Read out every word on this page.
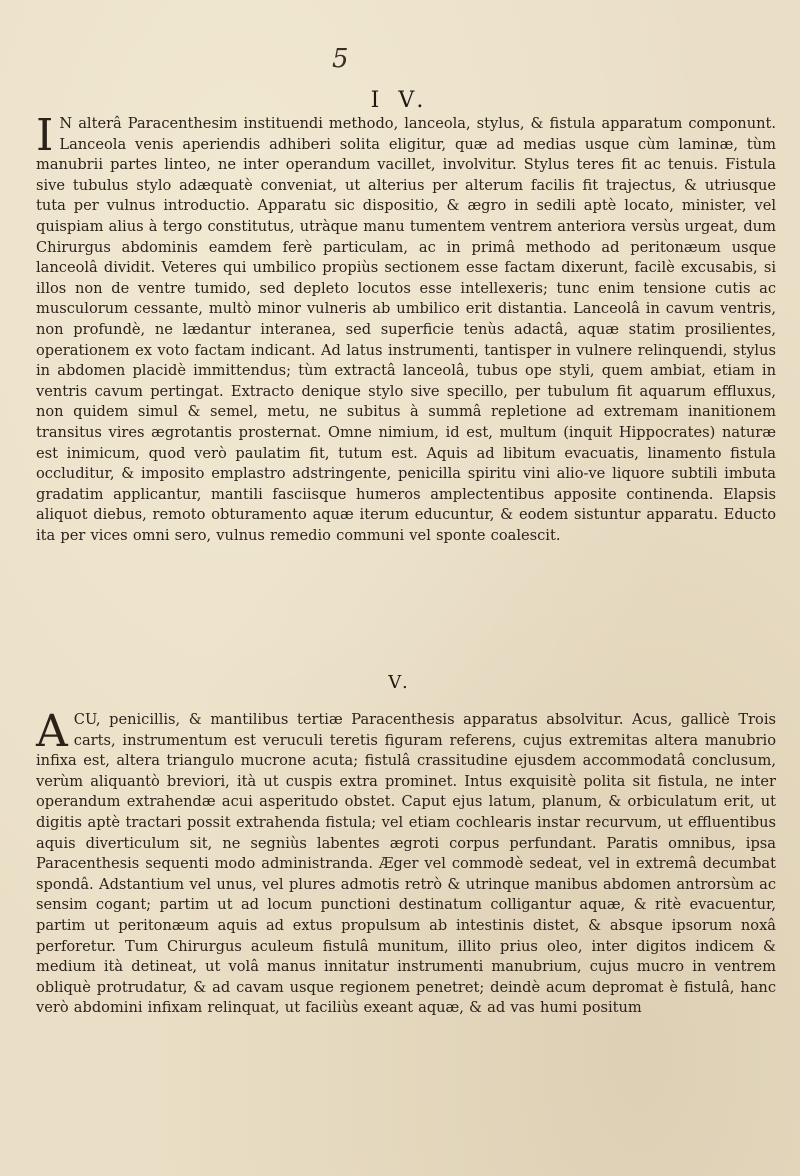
5
I V.
I N alterâ Paracenthesim instituendi methodo, lanceola, stylus, & fistula apparatum componunt. Lanceola venis aperiendis adhiberi solita eligitur, quæ ad medias usque cùm laminæ, tùm manubrii partes linteo, ne inter operandum vacillet, involvitur. Stylus teres fit ac tenuis. Fistula sive tubulus stylo adæquatè conveniat, ut alterius per alterum facilis fit trajectus, & utriusque tuta per vulnus introductio. Apparatu sic dispositio, & ægro in sedili aptè locato, minister, vel quispiam alius à tergo constitutus, utràque manu tumentem ventrem anteriora versùs urgeat, dum Chirurgus abdominis eamdem ferè particulam, ac in primâ methodo ad peritonæum usque lanceolâ dividit. Veteres qui umbilico propiùs sectionem esse factam dixerunt, facilè excusabis, si illos non de ventre tumido, sed depleto locutos esse intellexeris; tunc enim tensione cutis ac musculorum cessante, multò minor vulneris ab umbilico erit distantia. Lanceolâ in cavum ventris, non profundè, ne lædantur interanea, sed superficie tenùs adactâ, aquæ statim prosilientes, operationem ex voto factam indicant. Ad latus instrumenti, tantisper in vulnere relinquendi, stylus in abdomen placidè immittendus; tùm extractâ lanceolâ, tubus ope styli, quem ambiat, etiam in ventris cavum pertingat. Extracto denique stylo sive specillo, per tubulum fit aquarum effluxus, non quidem simul & semel, metu, ne subitus à summâ repletione ad extremam inanitionem transitus vires ægrotantis prosternat. Omne nimium, id est, multum (inquit Hippocrates) naturæ est inimicum, quod verò paulatim fit, tutum est. Aquis ad libitum evacuatis, linamento fistula occluditur, & imposito emplastro adstringente, penicilla spiritu vini alio-ve liquore subtili imbuta gradatim applicantur, mantili fasciisque humeros amplectentibus apposite continenda. Elapsis aliquot diebus, remoto obturamento aquæ iterum educuntur, & eodem sistuntur apparatu. Educto ita per vices omni sero, vulnus remedio communi vel sponte coalescit.
V.
ACU, penicillis, & mantilibus tertiæ Paracenthesis apparatus absolvitur. Acus, gallicè Trois carts, instrumentum est veruculi teretis figuram referens, cujus extremitas altera manubrio infixa est, altera triangulo mucrone acuta; fistulâ crassitudine ejusdem accommodatâ conclusum, verùm aliquantò breviori, ità ut cuspis extra prominet. Intus exquisitè polita sit fistula, ne inter operandum extrahendæ acui asperitudo obstet. Caput ejus latum, planum, & orbiculatum erit, ut digitis aptè tractari possit extrahenda fistula; vel etiam cochlearis instar recurvum, ut effluentibus aquis diverticulum sit, ne segniùs labentes ægroti corpus perfundant. Paratis omnibus, ipsa Paracenthesis sequenti modo administranda. Æger vel commodè sedeat, vel in extremâ decumbat spondâ. Adstantium vel unus, vel plures admotis retrò & utrinque manibus abdomen antrorsùm ac sensim cogant; partim ut ad locum punctioni destinatum colligantur aquæ, & ritè evacuentur, partim ut peritonæum aquis ad extus propulsum ab intestinis distet, & absque ipsorum noxâ perforetur. Tum Chirurgus aculeum fistulâ munitum, illito prius oleo, inter digitos indicem & medium ità detineat, ut volâ manus innitatur instrumenti manubrium, cujus mucro in ventrem obliquè protrudatur, & ad cavam usque regionem penetret; deindè acum depromat è fistulâ, hanc verò abdomini infixam relinquat, ut faciliùs exeant aquæ, & ad vas humi positum
